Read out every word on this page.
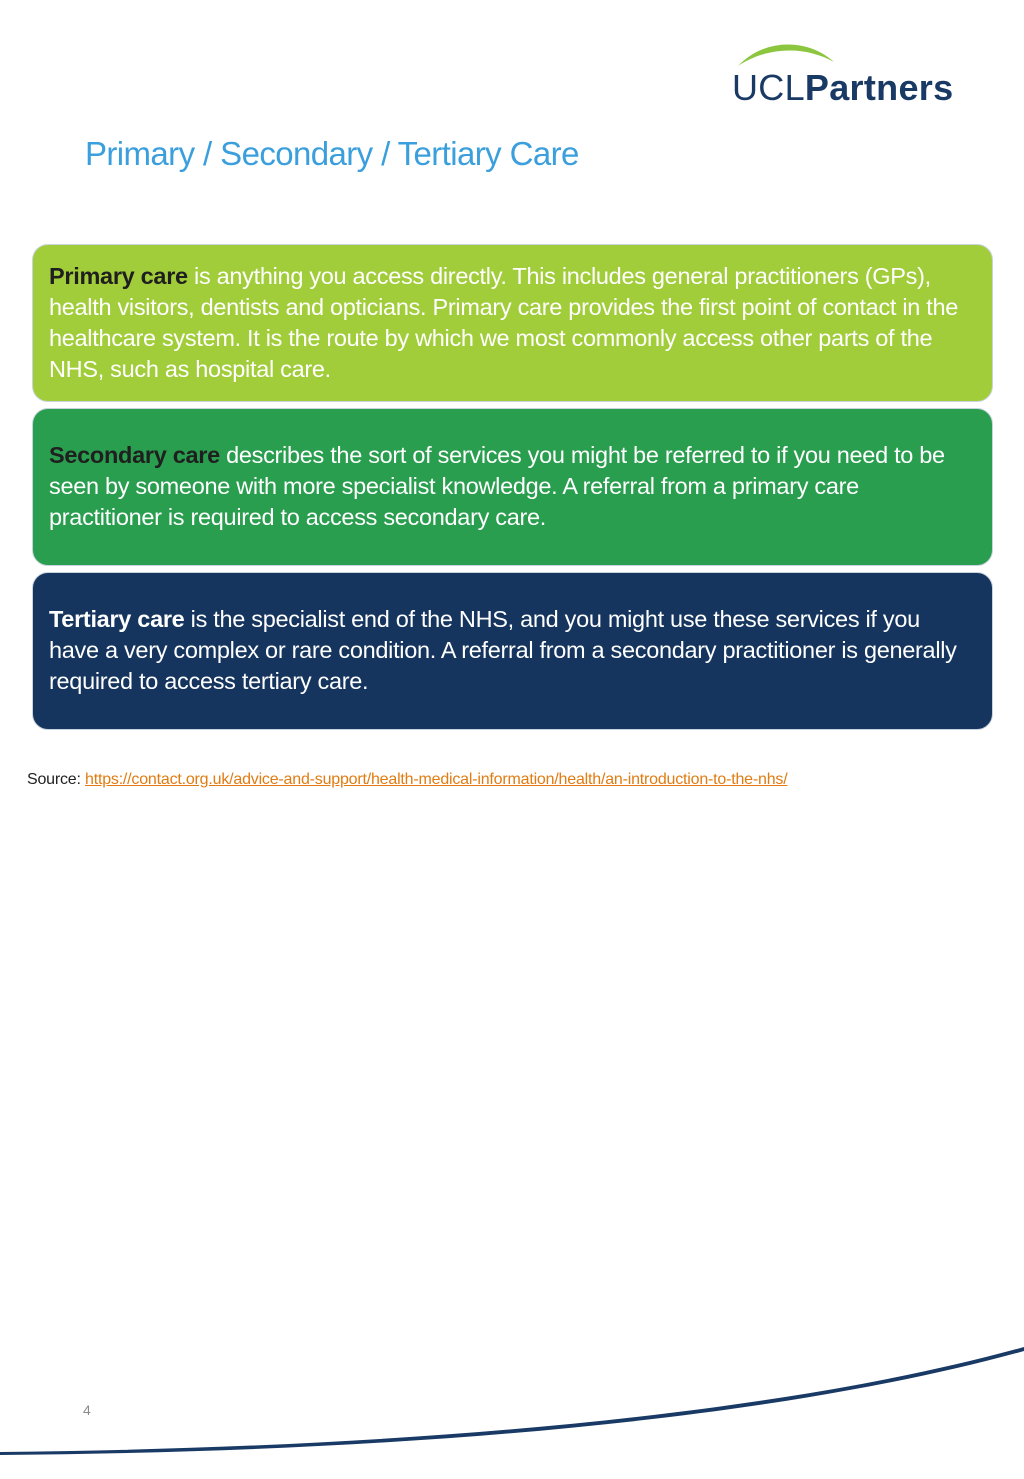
UCLPartners
Primary / Secondary / Tertiary Care
Primary care is anything you access directly. This includes general practitioners (GPs), health visitors, dentists and opticians. Primary care provides the first point of contact in the healthcare system. It is the route by which we most commonly access other parts of the NHS, such as hospital care.
Secondary care describes the sort of services you might be referred to if you need to be seen by someone with more specialist knowledge. A referral from a primary care practitioner is required to access secondary care.
Tertiary care is the specialist end of the NHS, and you might use these services if you have a very complex or rare condition. A referral from a secondary practitioner is generally required to access tertiary care.
Source: https://contact.org.uk/advice-and-support/health-medical-information/health/an-introduction-to-the-nhs/
4
